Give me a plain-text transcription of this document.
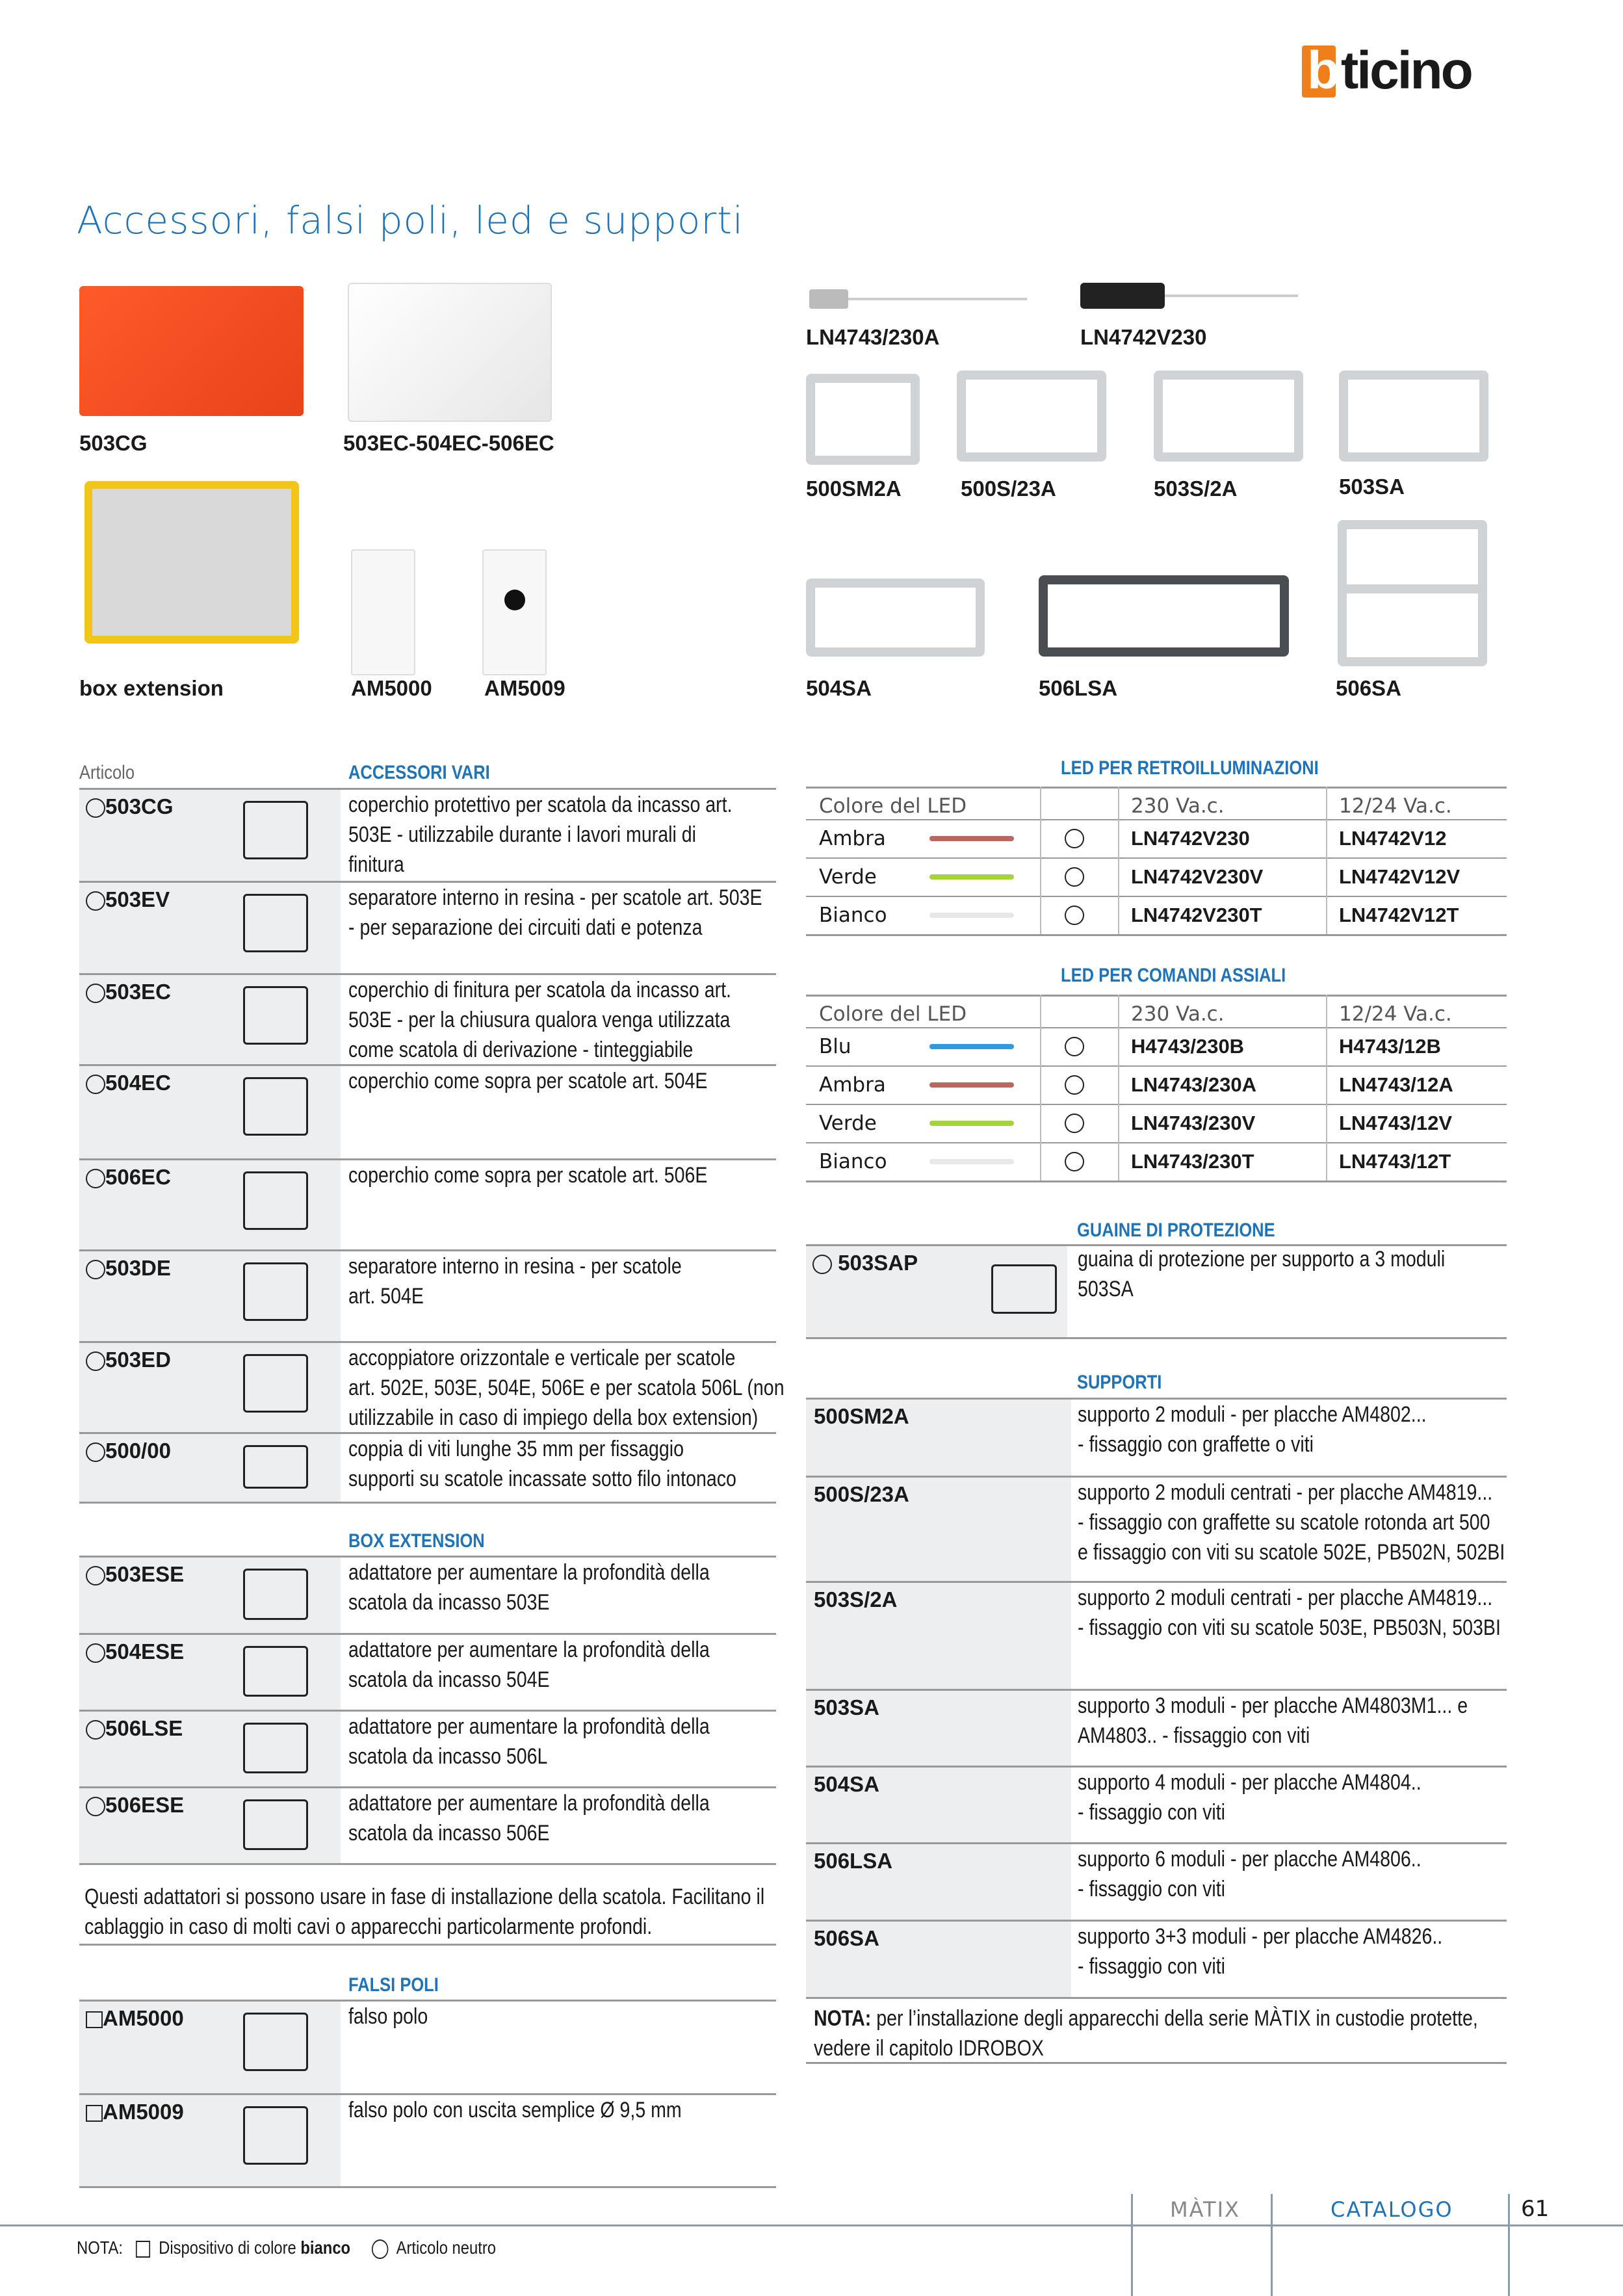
ticino
b
Accessori, falsi poli, led e supporti
503CG	503EC-504EC-506EC
box extension	AM5000 AM5009
LN4743/230A	LN4742V230
500SM2A	500S/23A	503S/2A	503SA
504SA	506LSA	506SA
Articolo	ACCESSORI VARI
503CG	coperchio protettivo per scatola da incasso art.
503E - utilizzabile durante i lavori murali di
finitura
503EV	separatore interno in resina - per scatole art. 503E
- per separazione dei circuiti dati e potenza
503EC	coperchio di finitura per scatola da incasso art.
503E - per la chiusura qualora venga utilizzata
come scatola di derivazione - tinteggiabile
504EC	coperchio come sopra per scatole art. 504E
506EC	coperchio come sopra per scatole art. 506E
503DE	separatore interno in resina - per scatole
art. 504E
503ED	accoppiatore orizzontale e verticale per scatole
art. 502E, 503E, 504E, 506E e per scatola 506L (non
utilizzabile in caso di impiego della box extension)
500/00	coppia di viti lunghe 35 mm per fissaggio
supporti su scatole incassate sotto filo intonaco
BOX EXTENSION
503ESE	adattatore per aumentare la profondità della
scatola da incasso 503E
504ESE	adattatore per aumentare la profondità della
scatola da incasso 504E
506LSE	adattatore per aumentare la profondità della
scatola da incasso 506L
506ESE	adattatore per aumentare la profondità della
scatola da incasso 506E
Questi adattatori si possono usare in fase di installazione della scatola. Facilitano il
cablaggio in caso di molti cavi o apparecchi particolarmente profondi.
FALSI POLI
AM5000	falso polo
AM5009	falso polo con uscita semplice Ø 9,5 mm
LED PER RETROILLUMINAZIONI
Colore del LED	230 Va.c.	12/24 Va.c.
Ambra	LN4742V230	LN4742V12
Verde	LN4742V230V	LN4742V12V
Bianco	LN4742V230T	LN4742V12T
LED PER COMANDI ASSIALI
Colore del LED	230 Va.c.	12/24 Va.c.
Blu	H4743/230B	H4743/12B
Ambra	LN4743/230A	LN4743/12A
Verde	LN4743/230V	LN4743/12V
Bianco	LN4743/230T	LN4743/12T
GUAINE DI PROTEZIONE
503SAP	guaina di protezione per supporto a 3 moduli
503SA
SUPPORTI
500SM2A	supporto 2 moduli - per placche AM4802...
- fissaggio con graffette o viti
500S/23A	supporto 2 moduli centrati - per placche AM4819...
- fissaggio con graffette su scatole rotonda art 500
e fissaggio con viti su scatole 502E, PB502N, 502BI
503S/2A	supporto 2 moduli centrati - per placche AM4819...
- fissaggio con viti su scatole 503E, PB503N, 503BI
503SA	supporto 3 moduli - per placche AM4803M1... e
AM4803.. - fissaggio con viti
504SA	supporto 4 moduli - per placche AM4804..
- fissaggio con viti
506LSA	supporto 6 moduli - per placche AM4806..
- fissaggio con viti
506SA	supporto 3+3 moduli - per placche AM4826..
- fissaggio con viti
NOTA: per l’installazione degli apparecchi della serie MÀTIX in custodie protette,
vedere il capitolo IDROBOX
MÀTIX	CATALOGO	61
NOTA: Dispositivo di colore bianco	Articolo neutro
